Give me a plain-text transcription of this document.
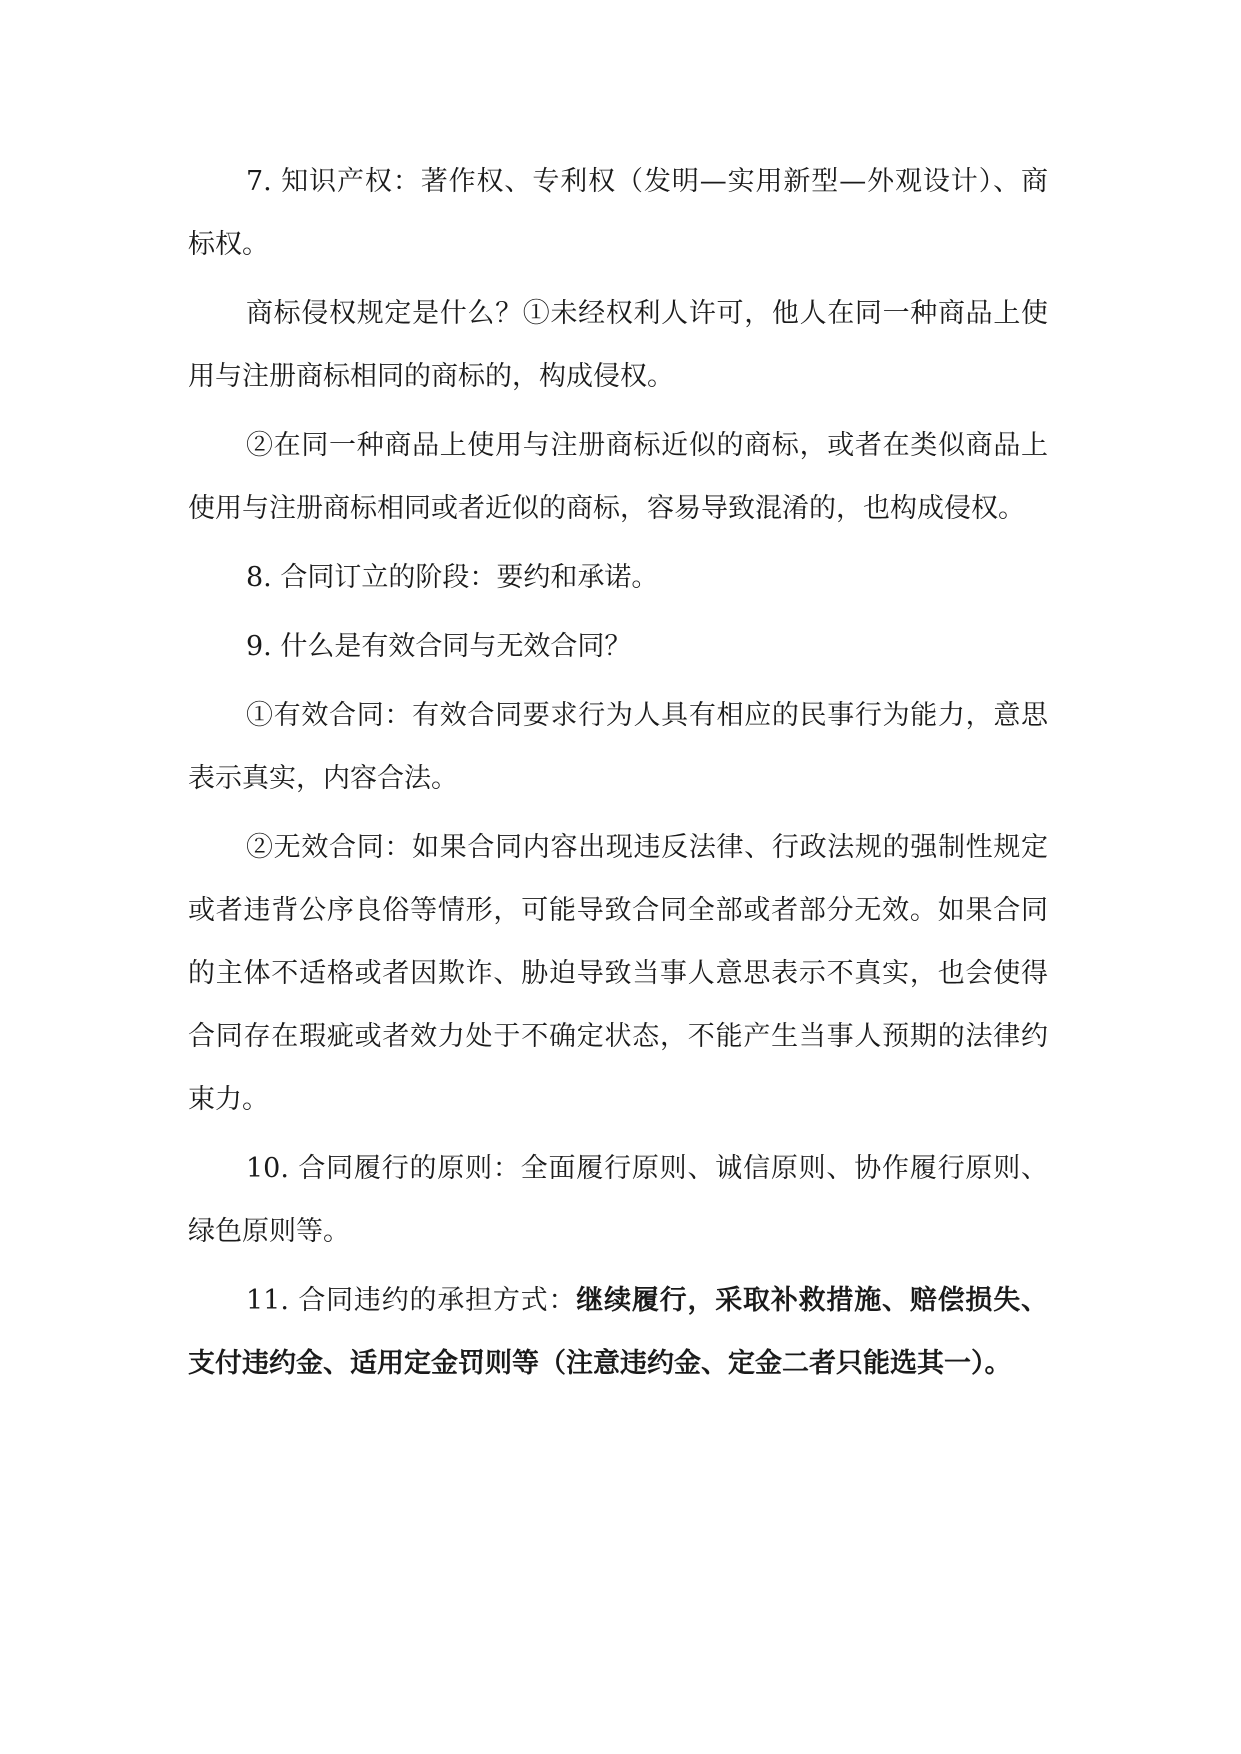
7. 知识产权：著作权、专利权（发明—实用新型—外观设计）、商标权。

商标侵权规定是什么？①未经权利人许可，他人在同一种商品上使用与注册商标相同的商标的，构成侵权。

②在同一种商品上使用与注册商标近似的商标，或者在类似商品上使用与注册商标相同或者近似的商标，容易导致混淆的，也构成侵权。

8. 合同订立的阶段：要约和承诺。

9. 什么是有效合同与无效合同？

①有效合同：有效合同要求行为人具有相应的民事行为能力，意思表示真实，内容合法。

②无效合同：如果合同内容出现违反法律、行政法规的强制性规定或者违背公序良俗等情形，可能导致合同全部或者部分无效。如果合同的主体不适格或者因欺诈、胁迫导致当事人意思表示不真实，也会使得合同存在瑕疵或者效力处于不确定状态，不能产生当事人预期的法律约束力。

10. 合同履行的原则：全面履行原则、诚信原则、协作履行原则、绿色原则等。

11. 合同违约的承担方式：继续履行，采取补救措施、赔偿损失、支付违约金、适用定金罚则等（注意违约金、定金二者只能选其一）。
